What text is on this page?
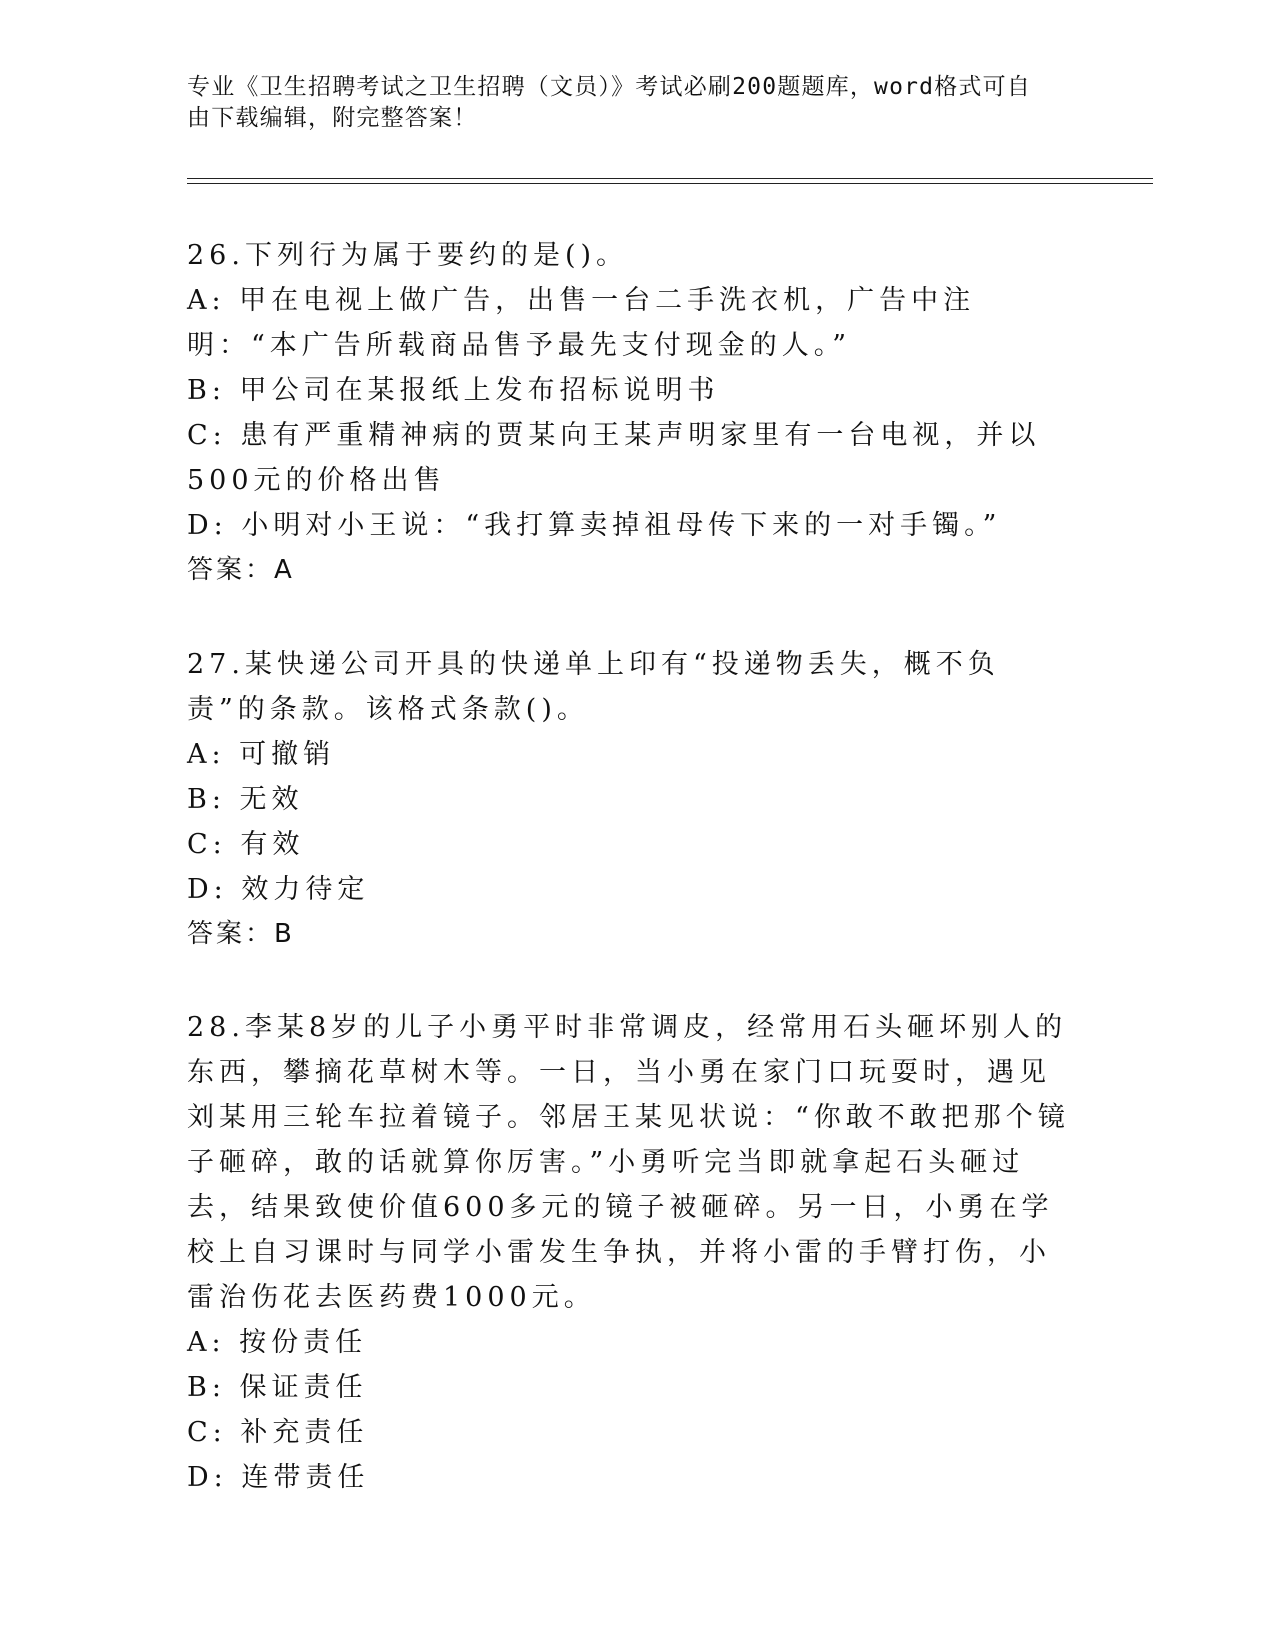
专业《卫生招聘考试之卫生招聘（文员）》考试必刷200题题库，word格式可自
由下载编辑，附完整答案！
26.下列行为属于要约的是()。
A: 甲在电视上做广告，出售一台二手洗衣机，广告中注明：“本广告所载商品售予最先支付现金的人。”
B: 甲公司在某报纸上发布招标说明书
C: 患有严重精神病的贾某向王某声明家里有一台电视，并以500元的价格出售
D: 小明对小王说：“我打算卖掉祖母传下来的一对手镯。”
答案：A
27.某快递公司开具的快递单上印有“投递物丢失，概不负责”的条款。该格式条款()。
A: 可撤销
B: 无效
C: 有效
D: 效力待定
答案：B
28.李某8岁的儿子小勇平时非常调皮，经常用石头砸坏别人的东西，攀摘花草树木等。一日，当小勇在家门口玩耍时，遇见刘某用三轮车拉着镜子。邻居王某见状说：“你敢不敢把那个镜子砸碎，敢的话就算你厉害。”小勇听完当即就拿起石头砸过去，结果致使价值600多元的镜子被砸碎。另一日，小勇在学校上自习课时与同学小雷发生争执，并将小雷的手臂打伤，小雷治伤花去医药费1000元。
A: 按份责任
B: 保证责任
C: 补充责任
D: 连带责任
